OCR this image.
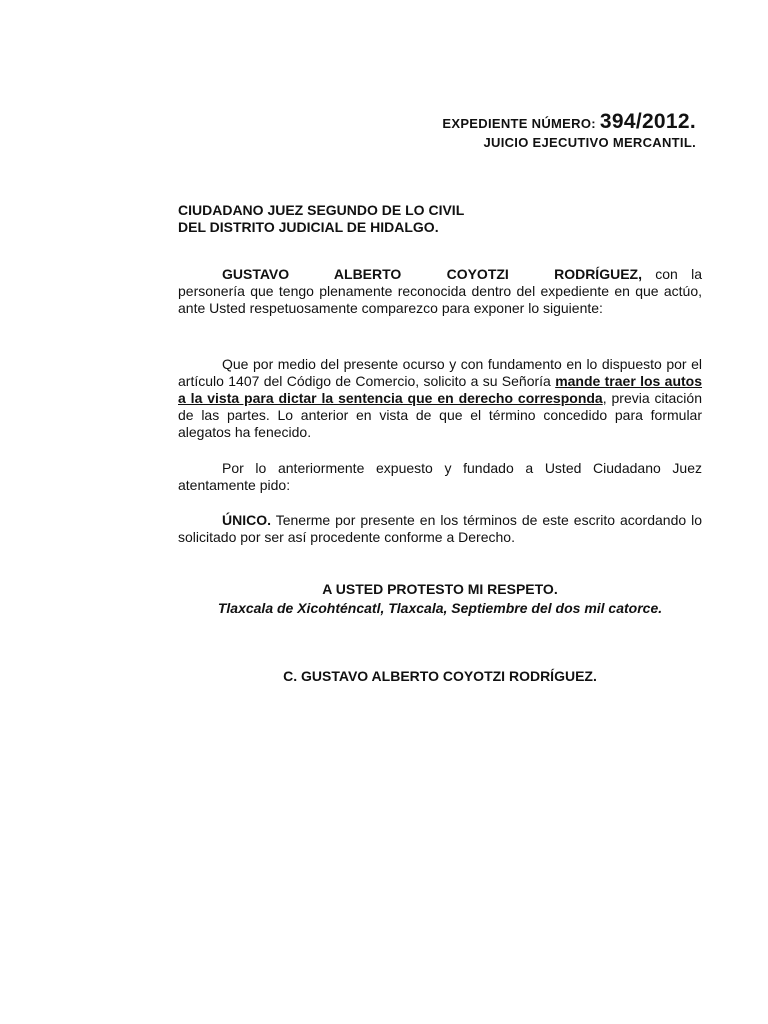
EXPEDIENTE NÚMERO: 394/2012.
JUICIO EJECUTIVO MERCANTIL.
CIUDADANO JUEZ SEGUNDO DE LO CIVIL
DEL DISTRITO JUDICIAL DE HIDALGO.
GUSTAVO ALBERTO COYOTZI RODRÍGUEZ, con la personería que tengo plenamente reconocida dentro del expediente en que actúo, ante Usted respetuosamente comparezco para exponer lo siguiente:
Que por medio del presente ocurso y con fundamento en lo dispuesto por el artículo 1407 del Código de Comercio, solicito a su Señoría mande traer los autos a la vista para dictar la sentencia que en derecho corresponda, previa citación de las partes. Lo anterior en vista de que el término concedido para formular alegatos ha fenecido.
Por lo anteriormente expuesto y fundado a Usted Ciudadano Juez atentamente pido:
ÚNICO. Tenerme por presente en los términos de este escrito acordando lo solicitado por ser así procedente conforme a Derecho.
A USTED PROTESTO MI RESPETO.
Tlaxcala de Xicohténcatl, Tlaxcala, Septiembre del dos mil catorce.
C. GUSTAVO ALBERTO COYOTZI RODRÍGUEZ.
